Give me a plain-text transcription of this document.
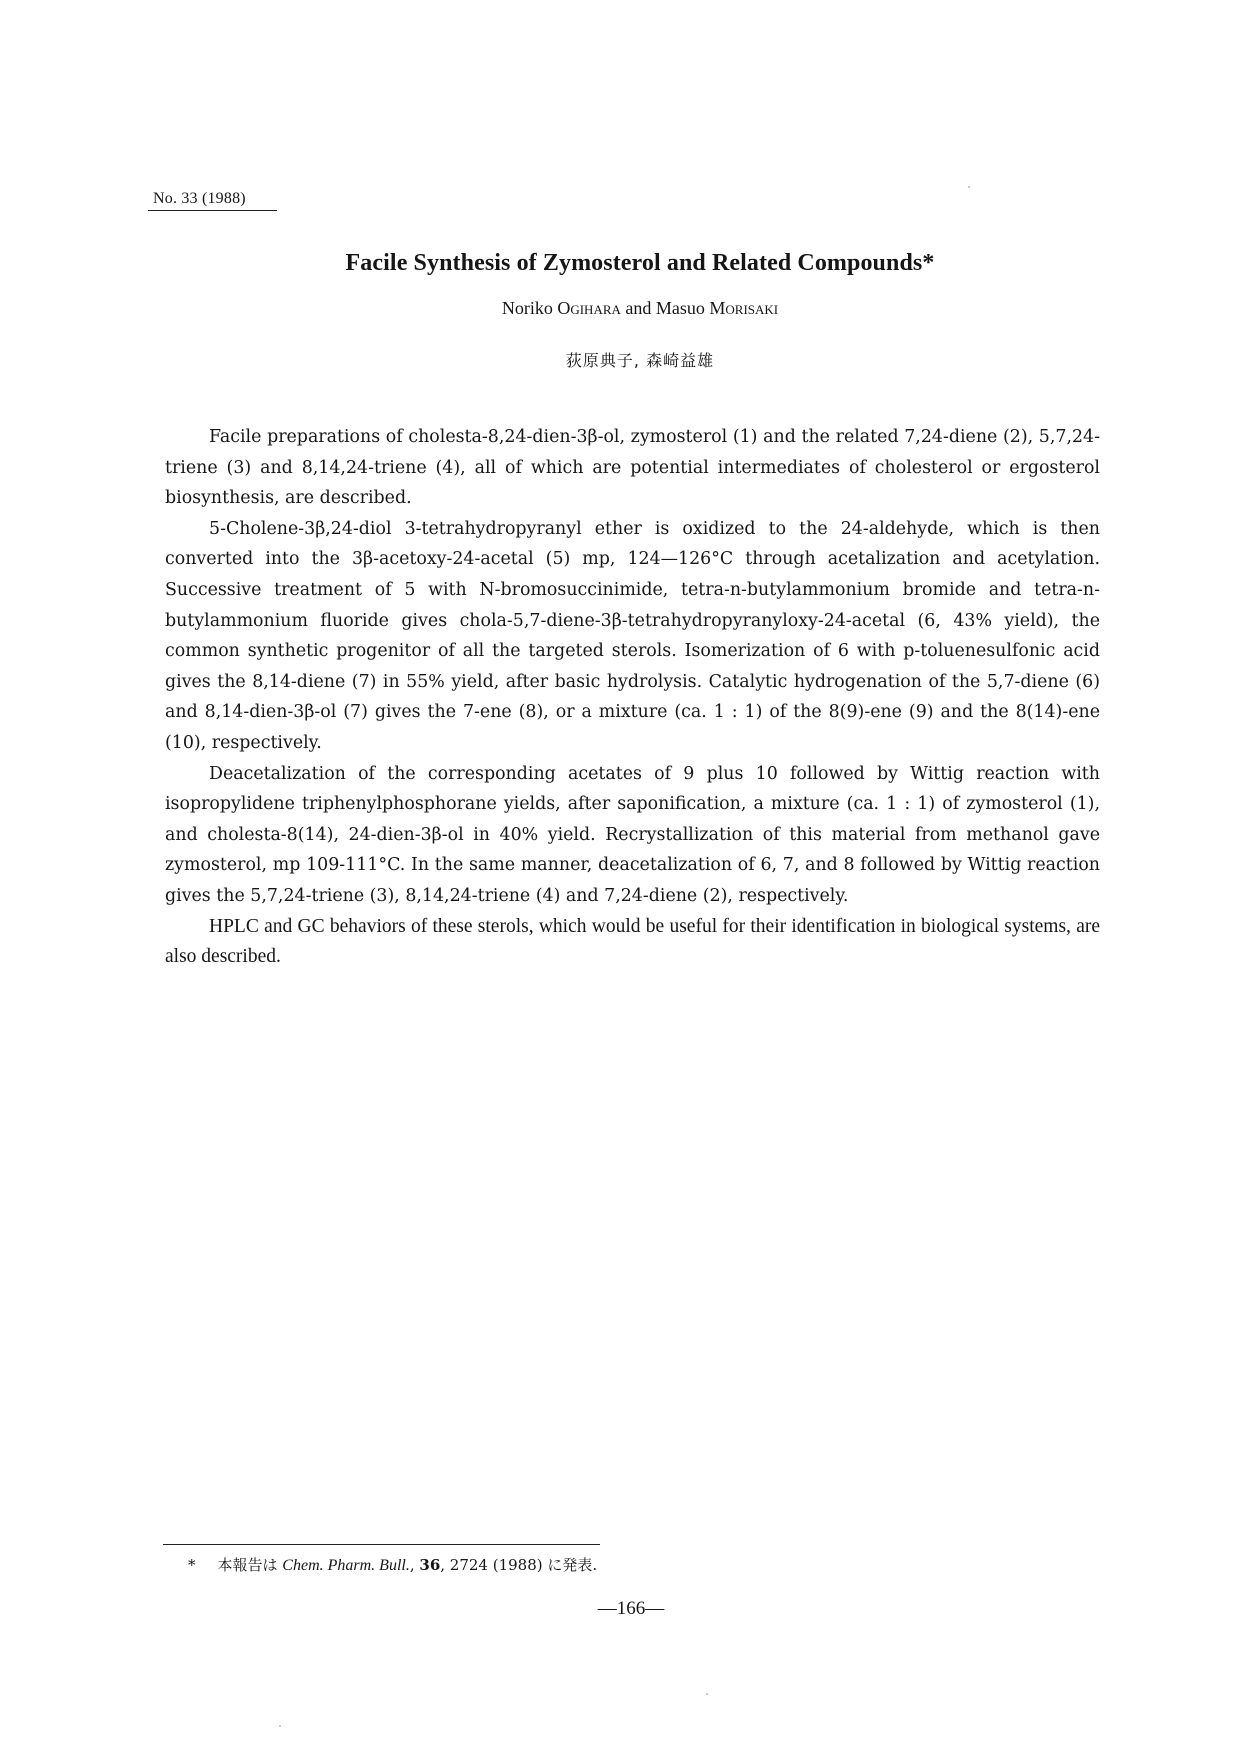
No. 33 (1988)
Facile Synthesis of Zymosterol and Related Compounds*
Noriko Ogihara and Masuo Morisaki
荻原典子, 森崎益雄

Facile preparations of cholesta-8,24-dien-3β-ol, zymosterol (1) and the related 7,24-diene (2), 5,7,24-triene (3) and 8,14,24-triene (4), all of which are potential intermediates of cholesterol or ergosterol biosynthesis, are described.

5-Cholene-3β,24-diol 3-tetrahydropyranyl ether is oxidized to the 24-aldehyde, which is then converted into the 3β-acetoxy-24-acetal (5) mp, 124—126°C through acetalization and acetylation. Successive treatment of 5 with N-bromosuccinimide, tetra-n-butylammonium bromide and tetra-n-butylammonium fluoride gives chola-5,7-diene-3β-tetrahydropyranyloxy-24-acetal (6, 43% yield), the common synthetic progenitor of all the targeted sterols. Isomerization of 6 with p-toluenesulfonic acid gives the 8,14-diene (7) in 55% yield, after basic hydrolysis. Catalytic hydrogenation of the 5,7-diene (6) and 8,14-dien-3β-ol (7) gives the 7-ene (8), or a mixture (ca. 1 : 1) of the 8(9)-ene (9) and the 8(14)-ene (10), respectively.

Deacetalization of the corresponding acetates of 9 plus 10 followed by Wittig reaction with isopropylidene triphenylphosphorane yields, after saponification, a mixture (ca. 1 : 1) of zymosterol (1), and cholesta-8(14), 24-dien-3β-ol in 40% yield. Recrystallization of this material from methanol gave zymosterol, mp 109-111°C. In the same manner, deacetalization of 6, 7, and 8 followed by Wittig reaction gives the 5,7,24-triene (3), 8,14,24-triene (4) and 7,24-diene (2), respectively.

HPLC and GC behaviors of these sterols, which would be useful for their identification in biological systems, are also described.

* 本報告は Chem. Pharm. Bull., 36, 2724 (1988) に発表.
—166—
